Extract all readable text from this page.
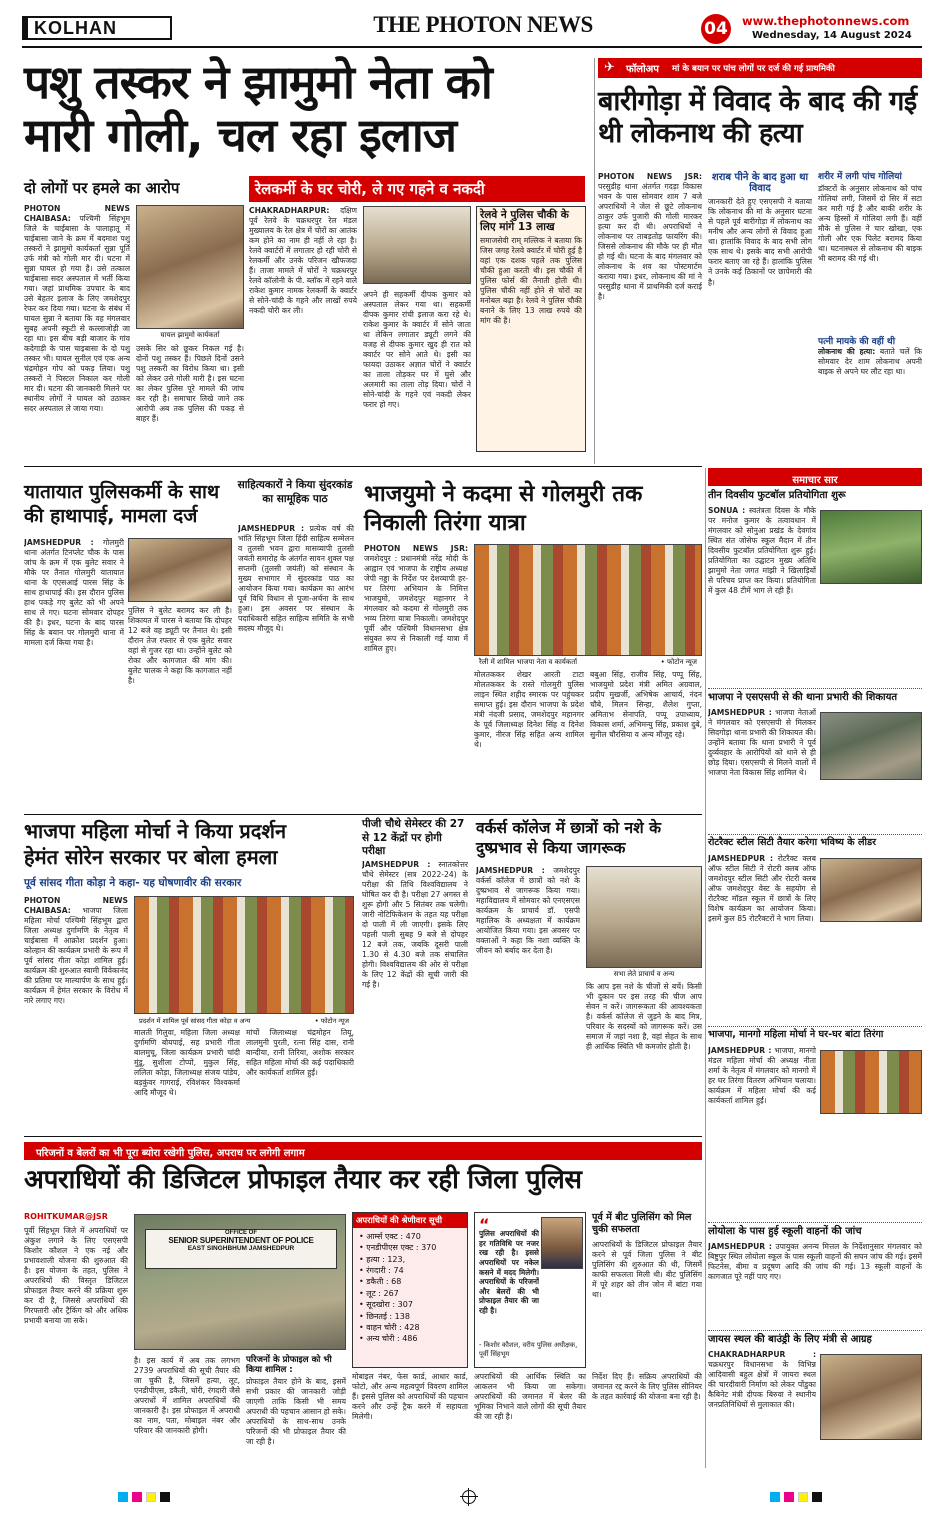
KOLHAN	THE PHOTON NEWS	04 www.thephotonnews.com
Wednesday, 14 August 2024
पशु तस्कर ने झामुमो नेता को
मारी गोली, चल रहा इलाज
दो लोगों पर हमले का आरोप
PHOTON NEWS CHAIBASA: पश्चिमी सिंहभूम जिले के चाईबासा के पालाहातू में चाईबासा जाने के क्रम में बदमाश पशु तस्करों ने झामुमो कार्यकर्ता सुन्ना पूर्ति उर्फ मंत्री को गोली मार दी। घटना में सुन्ना घायल हो गया है। उसे तत्काल चाईबासा सदर अस्पताल में भर्ती किया गया। जहां प्राथमिक उपचार के बाद उसे बेहतर इलाज के लिए जमशेदपुर रेफर कर दिया गया। घटना के संबंध में घायल सुन्ना ने बताया कि वह मंगलवार सुबह अपनी स्कूटी से कल्लाजोड़ी जा रहा था। इस बीच बड़ी बाजार के गांव कदेगाड़ी के पास चाइबासा के दो पशु तस्कर भी। घायल सुनील एवं एक अन्य चंद्रमोहन गोप को पकड़ लिया। पशु तस्करों ने पिस्टल निकाल कर गोली मार दी। घटना की जानकारी मिलने पर स्थानीय लोगों ने घायल को उठाकर सदर अस्पताल ले जाया गया।
घायल झामुमो कार्यकर्ता
उसके सिर को छूकर निकल गई है। दोनों पशु तस्कर हैं। पिछले दिनों उसने पशु तस्करी का विरोध किया था। इसी को लेकर उसे गोली मारी है। इस घटना का लेकर पुलिस पूरे मामले की जांच कर रही है। समाचार लिखे जाने तक आरोपी अब तक पुलिस की पकड़ से बाहर हैं।
रेलकर्मी के घर चोरी, ले गए गहने व नकदी
CHAKRADHARPUR: दक्षिण पूर्व रेलवे के चक्रधरपुर रेल मंडल मुख्यालय के रेल क्षेत्र में चोरों का आतंक कम होने का नाम ही नहीं ले रहा है। रेलवे क्वार्टरों में लगातार हो रही चोरी से रेलकर्मी और उनके परिजन खौफजदा हैं। ताजा मामले में चोरों ने चक्रधरपुर रेलवे कॉलोनी के पी. ब्लॉक में रहने वाले राकेश कुमार नामक रेलकर्मी के क्वार्टर से सोने-चांदी के गहने और लाखों रुपये नकदी चोरी कर ली।
अपने ही सहकर्मी दीपक कुमार को अस्पताल लेकर गया था। सहकर्मी दीपक कुमार रांची इलाज करा रहे थे। राकेश कुमार के क्वार्टर में सोने जाता था लेकिन लगातार ड्यूटी लगने की वजह से दीपक कुमार खुद ही रात को क्वार्टर पर सोने आते थे। इसी का फायदा उठाकर अज्ञात चोरों ने क्वार्टर का ताला तोड़कर घर में घुसे और अलमारी का ताला तोड़ दिया। चोरों ने सोने-चांदी के गहने एवं नकदी लेकर फरार हो गए।
रेलवे ने पुलिस चौकी के लिए मांगे 13 लाख
समाजसेवी राम् मल्लिक ने बताया कि जिस जगह रेलवे क्वार्टर में चोरी हुई है वहां एक दशक पहले तक पुलिस चौकी हुआ करती थी। इस चौकी में पुलिस फोर्स की तैनाती होती थी। पुलिस चौकी नहीं होने से चोरों का मनोबल बढ़ा है। रेलवे ने पुलिस चौकी बनाने के लिए 13 लाख रुपये की मांग की है।
फॉलोअप मां के बयान पर पांच लोगों पर दर्ज की गई प्राथमिकी
✈
बारीगोड़ा में विवाद के बाद की गई थी लोकनाथ की हत्या
PHOTON NEWS JSR: परसुडीह थाना अंतर्गत गदड़ा विकास भवन के पास सोमवार शाम 7 बजे अपराधियों ने जेल से छूटे लोकनाथ ठाकुर उर्फ पुजारी की गोली मारकर हत्या कर दी थी। अपराधियों ने लोकनाथ पर ताबड़तोड़ फायरिंग की। जिससे लोकनाथ की मौके पर ही मौत हो गई थी। घटना के बाद मंगलवार को लोकनाथ के शव का पोस्टमार्टम कराया गया। इधर, लोकनाथ की मां ने परसुडीह थाना में प्राथमिकी दर्ज कराई है।
शराब पीने के बाद हुआ था विवाद
जानकारी देते हुए एसएसपी ने बताया कि लोकनाथ की मां के अनुसार घटना से पहले पूर्व बारीगोड़ा में लोकनाथ का मनीष और अन्य लोगों से विवाद हुआ था। हालांकि विवाद के बाद सभी लोग एक साथ थे। इसके बाद सभी आरोपी फरार बताए जा रहे हैं। हालांकि पुलिस ने उनके कई ठिकानों पर छापेमारी की है।
शरीर में लगी पांच गोलियां
डॉक्टरों के अनुसार लोकनाथ को पांच गोलियां लगी, जिसमें दो सिर में सटा कर मारी गई है और बाकी शरीर के अन्य हिस्सों में गोलियां लगी हैं। वहीं मौके से पुलिस ने चार खोखा, एक गोली और एक पिलेट बरामद किया था। घटनास्थल से लोकनाथ की बाइक भी बरामद की गई थी।
पत्नी मायके की वहीं थी
लोकनाथ की हत्या: बताते चलें कि सोमवार देर शाम लोकनाथ अपनी बाइक से अपने घर लौट रहा था।
यातायात पुलिसकर्मी के साथ की हाथापाई, मामला दर्ज
JAMSHEDPUR : गोलमुरी थाना अंतर्गत टिनप्लेट चौक के पास जांच के क्रम में एक बुलेट सवार ने मौके पर तैनात गोलमुरी यातायात थाना के एएसआई पारस सिंह के साथ हाथापाई की। इस दौरान पुलिस हाथ पकड़े गए बुलेट को भी अपने साथ ले गए। घटना सोमवार दोपहर की है। इधर, घटना के बाद पारस सिंह के बयान पर गोलमुरी थाना में मामला दर्ज किया गया है।
पुलिस ने बुलेट बरामद कर ली है। शिकायत में पारस ने बताया कि दोपहर 12 बजे वह ड्यूटी पर तैनात थे। इसी दौरान तेज रफ्तार से एक बुलेट सवार वहां से गुजर रहा था। उन्होंने बुलेट को रोका और कागजात की मांग की। बुलेट चालक ने कहा कि कागजात नहीं है।
साहित्यकारों ने किया सुंदरकांड का सामूहिक पाठ
JAMSHEDPUR : प्रत्येक वर्ष की भांति सिंहभूम जिला हिंदी साहित्य सम्मेलन व तुलसी भवन द्वारा मासव्यापी तुलसी जयंती समारोह के अंतर्गत सावन शुक्ल पक्ष सप्तमी (तुलसी जयंती) को संस्थान के मुख्य सभागार में सुंदरकांड पाठ का आयोजन किया गया। कार्यक्रम का आरंभ पूर्व विधि विधान से पूजा-अर्चना के साथ हुआ। इस अवसर पर संस्थान के पदाधिकारी सहित साहित्य समिति के सभी सदस्य मौजूद थे।
भाजयुमो ने कदमा से गोलमुरी तक निकाली तिरंगा यात्रा
PHOTON NEWS JSR: जमशेदपुर : प्रधानमंत्री नरेंद्र मोदी के आह्वान एवं भाजपा के राष्ट्रीय अध्यक्ष जेपी नड्डा के निर्देश पर देशव्यापी हर-घर तिरंगा अभियान के निमित्त भाजयुमो, जमशेदपुर महानगर ने मंगलवार को कदमा से गोलमुरी तक भव्य तिरंगा यात्रा निकाली। जमशेदपुर पूर्वी और पश्चिमी विधानसभा क्षेत्र संयुक्त रूप से निकाली गई यात्रा में शामिल हुए।
रैली में शामिल भाजपा नेता व कार्यकर्ता	• फोटोन न्यूज
मोलतककर शेखर आरती टाटा मोलतककर के रास्ते गोलमुरी पुलिस लाइन स्थित शहीद स्मारक पर पहुंचकर समाप्त हुई। इस दौरान भाजपा के प्रदेश मंत्री नंदजी प्रसाद, जमशेदपुर महानगर के पूर्व जिलाध्यक्ष दिनेश सिंह व दिनेश कुमार, नीरज सिंह सहित अन्य शामिल थे।
बबुआ सिंह, राजीव सिंह, पप्पू सिंह, भाजयुमो प्रदेश मंत्री अमित अग्रवाल, प्रदीप मुखर्जी, अभिषेक आचार्य, नंदन चौबे, मिलन सिन्हा, शैलेश गुप्ता, अमिताभ सेनापति, पप्पू उपाध्याय, विकास शर्मा, अभिमन्यु सिंह, प्रकाश दुबे, सुनील चौरसिया व अन्य मौजूद रहे।
भाजपा महिला मोर्चा ने किया प्रदर्शन
हेमंत सोरेन सरकार पर बोला हमला
पूर्व सांसद गीता कोड़ा ने कहा- यह घोषणावीर की सरकार
PHOTON NEWS CHAIBASA: भाजपा जिला महिला मोर्चा पश्चिमी सिंहभूम द्वारा जिला अध्यक्ष दुर्गामणि के नेतृत्व में चाईबासा में आक्रोश प्रदर्शन हुआ। कोल्हान की कार्यक्रम प्रभारी के रूप में पूर्व सांसद गीता कोड़ा शामिल हुईं। कार्यक्रम की शुरुआत स्वामी विवेकानंद की प्रतिमा पर माल्यार्पण के साथ हुई। कार्यक्रम में हेमंत सरकार के विरोध में नारे लगाए गए।
प्रदर्शन में शामिल पूर्व सांसद गीता कोड़ा व अन्य	• फोटोन न्यूज
मालती गिलुवा, महिला जिला अध्यक्ष दुर्गामणि बोयपाई, सह प्रभारी गीता बालमुचू, जिला कार्यक्रम प्रभारी चांदी मुंडू, सुशीला टोप्पो, मुकुल सिंह, ललिता कोड़ा, जिलाध्यक्ष संजय पांडेय, बड़कुंवर गागराई, रविशंकर विश्वकर्मा आदि मौजूद थे।
मांचों जिलाध्यक्ष चंद्रमोहन तियू, लालमुनी पुरती, रत्ना सिंह दास, रानी बान्दीया, रानी तिरिया, अशोक सरकार सहित महिला मोर्चा की कई पदाधिकारी और कार्यकर्ता शामिल हुईं।
पीजी चौथे सेमेस्टर की 27 से 12 केंद्रों पर होगी परीक्षा
JAMSHEDPUR : स्नातकोत्तर चौथे सेमेस्टर (सत्र 2022-24) के परीक्षा की तिथि विश्वविद्यालय ने घोषित कर दी है। परीक्षा 27 अगस्त से शुरू होगी और 5 सितंबर तक चलेगी। जारी नोटिफिकेशन के तहत यह परीक्षा दो पाली में ली जाएगी। इसके लिए पहली पाली सुबह 9 बजे से दोपहर 12 बजे तक, जबकि दूसरी पाली 1.30 से 4.30 बजे तक संचालित होगी। विश्वविद्यालय की ओर से परीक्षा के लिए 12 केंद्रों की सूची जारी की गई है।
वर्कर्स कॉलेज में छात्रों को नशे के दुष्प्रभाव से किया जागरूक
JAMSHEDPUR : जमशेदपुर वर्कर्स कॉलेज में छात्रों को नशे के दुष्प्रभाव से जागरूक किया गया। महाविद्यालय में सोमवार को एनएसएस कार्यक्रम के प्राचार्य डॉ. एसपी महालिक के अध्यक्षता में कार्यक्रम आयोजित किया गया। इस अवसर पर वक्ताओं ने कहा कि नशा व्यक्ति के जीवन को बर्बाद कर देता है।
सभा लेते प्राचार्य व अन्य
कि आप इस नशे के चीजों से बचें। किसी भी दुकान पर इस तरह की चीज आप सेवन न करें। जागरूकता की आवश्यकता है। वर्कर्स कॉलेज से जुड़ने के बाद मित्र, परिवार के सदस्यों को जागरूक करें। उस समाज में जहां नशा है, वहां सेहत के साथ ही आर्थिक स्थिति भी कमजोर होती है।
समाचार सार
तीन दिवसीय फुटबॉल प्रतियोगिता शुरू
SONUA : स्वतंत्रता दिवस के मौके पर मनोज कुमार के तत्वावधान में मंगलवार को सोनुआ प्रखंड के देवगांव स्थित संत जोसेफ स्कूल मैदान में तीन दिवसीय फुटबॉल प्रतियोगिता शुरू हुई। प्रतियोगिता का उद्घाटन मुख्य अतिथि झामुमो नेता जगत मांझी ने खिलाड़ियों से परिचय प्राप्त कर किया। प्रतियोगिता में कुल 48 टीमें भाग ले रही हैं।
भाजपा ने एसएसपी से की थाना प्रभारी की शिकायत
JAMSHEDPUR : भाजपा नेताओं ने मंगलवार को एसएसपी से मिलकर सिदगोड़ा थाना प्रभारी की शिकायत की। उन्होंने बताया कि थाना प्रभारी ने पूर्व दुर्व्यवहार के आरोपियों को थाने से ही छोड़ दिया। एसएसपी से मिलने वालों में भाजपा नेता विकास सिंह शामिल थे।
रोटरैक्ट स्टील सिटी तैयार करेगा भविष्य के लीडर
JAMSHEDPUR : रोटरैक्ट क्लब ऑफ स्टील सिटी ने रोटरी क्लब ऑफ जमशेदपुर स्टील सिटी और रोटरी क्लब ऑफ जमशेदपुर वेस्ट के सहयोग से रोटरैक्ट मॉडल स्कूल में छात्रों के लिए विशेष कार्यक्रम का आयोजन किया। इसमें कुल 85 रोटरैक्टरों ने भाग लिया।
भाजपा, मानगो महिला मोर्चा ने घर-घर बांटा तिरंगा
JAMSHEDPUR : भाजपा, मानगो मंडल महिला मोर्चा की अध्यक्ष नीता शर्मा के नेतृत्व में मंगलवार को मानगो में हर घर तिरंगा वितरण अभियान चलाया। कार्यक्रम में महिला मोर्चा की कई कार्यकर्ता शामिल हुईं।
लोयोला के पास हुई स्कूली वाहनों की जांच
JAMSHEDPUR : उपायुक्त अनन्य मित्तल के निर्देशानुसार मंगलवार को बिष्टुपुर स्थित लोयोला स्कूल के पास स्कूली वाहनों की सघन जांच की गई। इसमें फिटनेस, बीमा व प्रदूषण आदि की जांच की गई। 13 स्कूली वाहनों के कागजात पूरे नहीं पाए गए।
जायस स्थल की बाउंड्री के लिए मंत्री से आग्रह
CHAKRADHARPUR : चक्रधरपुर विधानसभा के विभिन्न आदिवासी बहुल क्षेत्रों में जायरा स्थल की चारदीवारी निर्माण को लेकर पोंडुका कैबिनेट मंत्री दीपक बिरुवा ने स्थानीय जनप्रतिनिधियों से मुलाकात की।
परिजनों व बेलरों का भी पूरा ब्योरा रखेगी पुलिस, अपराध पर लगेगी लगाम
अपराधियों की डिजिटल प्रोफाइल तैयार कर रही जिला पुलिस
ROHITKUMAR@JSR
पूर्वी सिंहभूम जिले में अपराधियों पर अंकुश लगाने के लिए एसएसपी किशोर कौशल ने एक नई और प्रभावशाली योजना की शुरुआत की है। इस योजना के तहत, पुलिस ने अपराधियों की विस्तृत डिजिटल प्रोफाइल तैयार करने की प्रक्रिया शुरू कर दी है, जिससे अपराधियों की गिरफ्तारी और ट्रैकिंग को और अधिक प्रभावी बनाया जा सके।
OFFICE OF
SENIOR SUPERINTENDENT OF POLICE
EAST SINGHBHUM JAMSHEDPUR
है। इस कार्य में अब तक लगभग 2739 अपराधियों की सूची तैयार की जा चुकी है, जिसमें हत्या, लूट, एनडीपीएस, डकैती, चोरी, रंगदारी जैसे अपराधों में शामिल अपराधियों की जानकारी है। इस प्रोफाइल में अपराधी का नाम, पता, मोबाइल नंबर और परिवार की जानकारी होगी।
परिजनों के प्रोफाइल को भी किया शामिल :
प्रोफाइल तैयार होने के बाद, इसमें सभी प्रकार की जानकारी जोड़ी जाएगी ताकि किसी भी समय अपराधी की पहचान आसान हो सके। अपराधियों के साथ-साथ उनके परिजनों की भी प्रोफाइल तैयार की जा रही है।
अपराधियों की श्रेणीवार सूची
• आर्म्स एक्ट : 470
• एनडीपीएस एक्ट : 370
• हत्या : 123,
• रंगदारी : 74
• डकैती : 68
• लूट : 267
• सूदखोरा : 307
• छिनतई : 138
• वाहन चोरी : 428
• अन्य चोरी : 486
“
पुलिस अपराधियों की हर गतिविधि पर नजर रख रही है। इससे अपराधियों पर नकेल कसने में मदद मिलेगी। अपराधियों के परिजनों और बेलरों की भी प्रोफाइल तैयार की जा रही है।
- किशोर कौशल, वरीय पुलिस अधीक्षक, पूर्वी सिंहभूम
पूर्व में बीट पुलिसिंग को मिल चुकी सफलता
आपराधियों के डिजिटल प्रोफाइल तैयार करने से पूर्व जिला पुलिस ने बीट पुलिसिंग की शुरुआत की थी, जिसमें काफी सफलता मिली थी। बीट पुलिसिंग में पूरे शहर को तीन जोन में बांटा गया था।
मोबाइल नंबर, फेस कार्ड, आधार कार्ड, फोटो, और अन्य महत्वपूर्ण विवरण शामिल हैं। इससे पुलिस को अपराधियों की पहचान करने और उन्हें ट्रैक करने में सहायता मिलेगी।
अपराधियों की आर्थिक स्थिति का आकलन भी किया जा सकेगा। अपराधियों की जमानत में बेलर की भूमिका निभाने वाले लोगों की सूची तैयार की जा रही है।
निर्देश दिए हैं। सक्रिय अपराधियों की जमानत रद्द करने के लिए पुलिस सीनियर के तहत कार्रवाई की योजना बना रही है।
